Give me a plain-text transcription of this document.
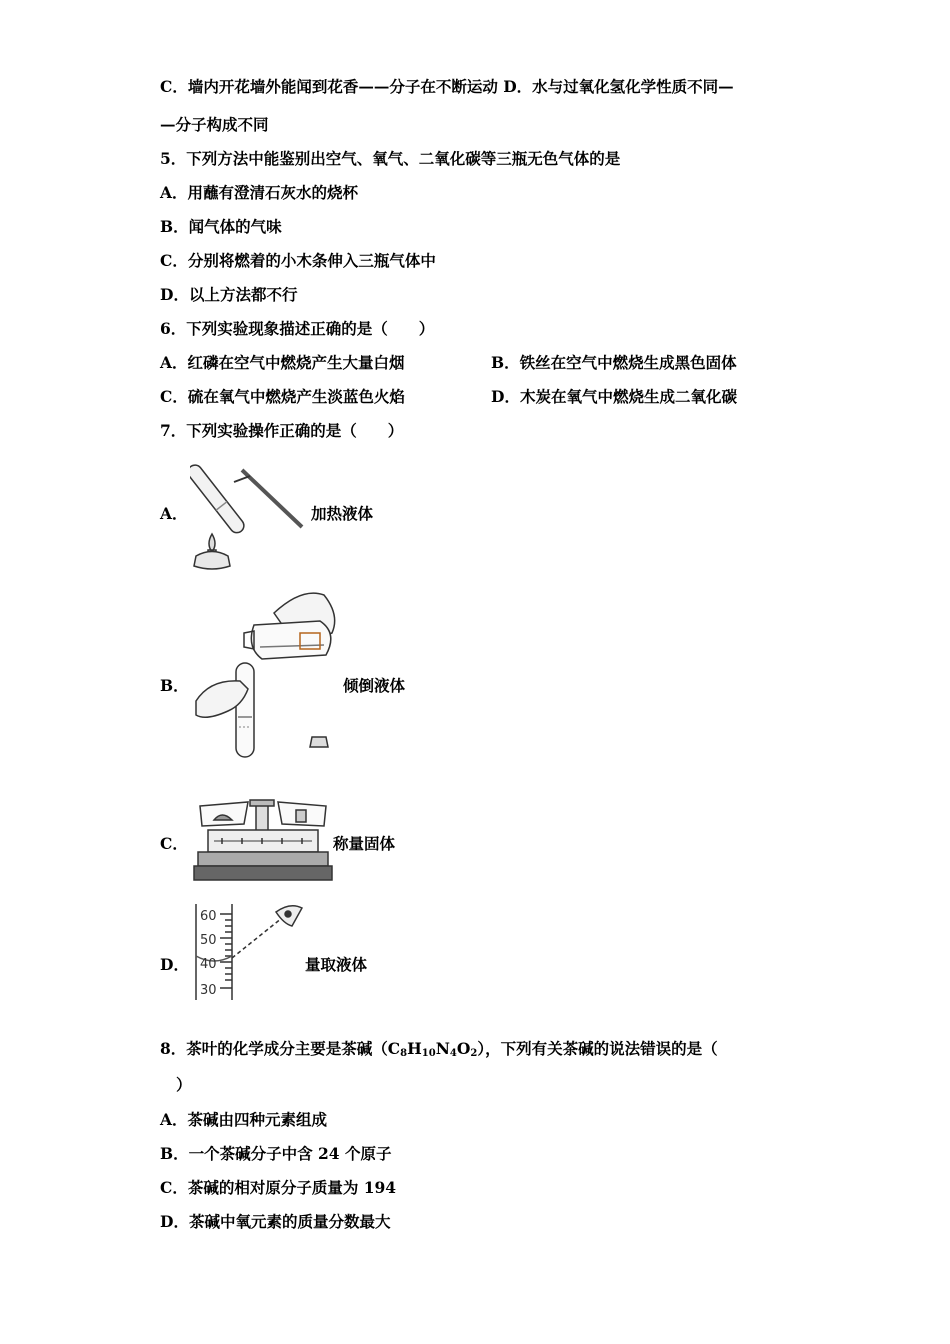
C．墙内开花墙外能闻到花香——分子在不断运动 D．水与过氧化氢化学性质不同—
—分子构成不同
5．下列方法中能鉴别出空气、氧气、二氧化碳等三瓶无色气体的是
A．用蘸有澄清石灰水的烧杯
B．闻气体的气味
C．分别将燃着的小木条伸入三瓶气体中
D．以上方法都不行
6．下列实验现象描述正确的是（　　）
A．红磷在空气中燃烧产生大量白烟	B．铁丝在空气中燃烧生成黑色固体
C．硫在氧气中燃烧产生淡蓝色火焰	D．木炭在氧气中燃烧生成二氧化碳
7．下列实验操作正确的是（　　）
A．	加热液体
B．	倾倒液体
C．	称量固体
D．
60
50
40
30
量取液体
8．茶叶的化学成分主要是茶碱$(C_8H_{10}N_4O_2)$，下列有关茶碱的说法错误的是（
）
A．茶碱由四种元素组成
B．一个茶碱分子中含 24 个原子
C．茶碱的相对原分子质量为 194
D．茶碱中氧元素的质量分数最大
